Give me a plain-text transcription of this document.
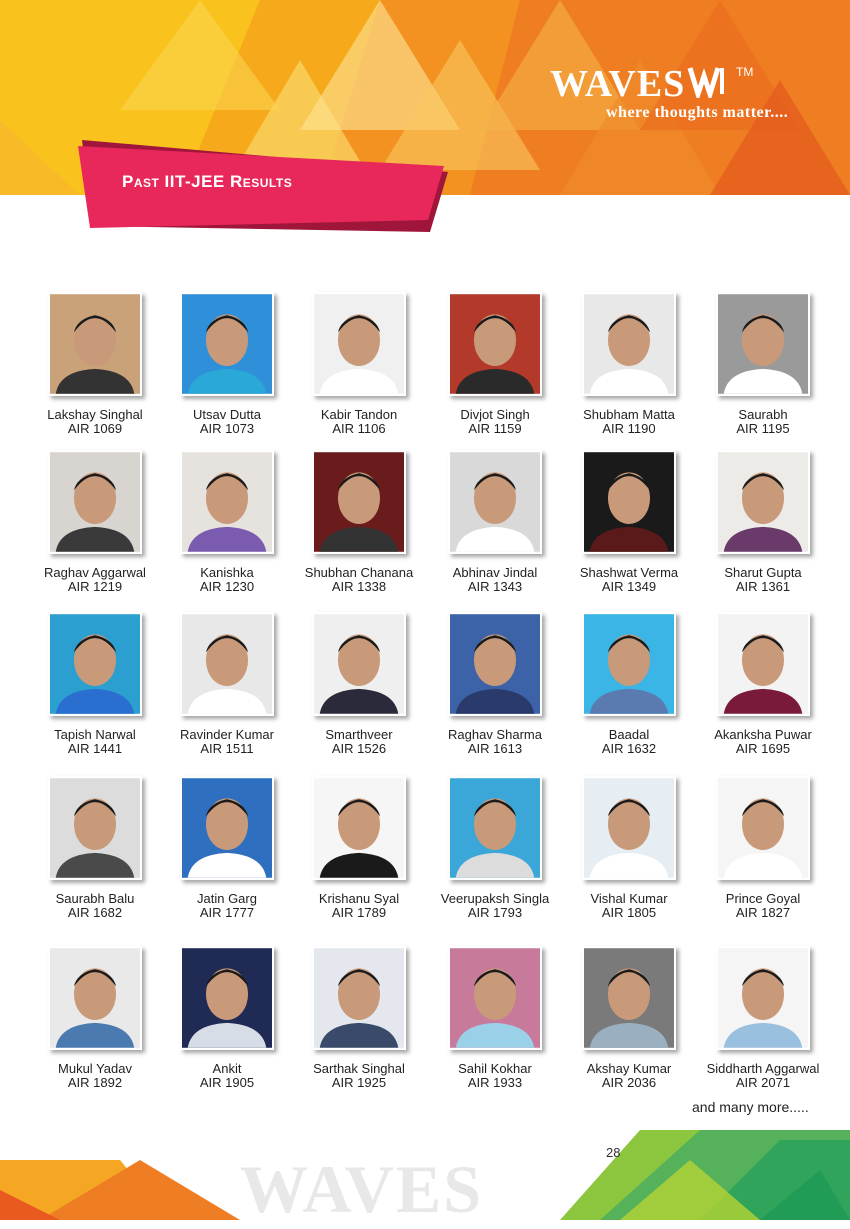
WAVES	TM
where thoughts matter....
Past IIT-JEE Results
Lakshay Singhal
AIR 1069
Utsav Dutta
AIR 1073
Kabir Tandon
AIR 1106
Divjot Singh
AIR 1159
Shubham Matta
AIR 1190
Saurabh
AIR 1195
Raghav Aggarwal
AIR 1219
Kanishka
AIR 1230
Shubhan Chanana
AIR 1338
Abhinav Jindal
AIR 1343
Shashwat Verma
AIR 1349
Sharut Gupta
AIR 1361
Tapish Narwal
AIR 1441
Ravinder Kumar
AIR 1511
Smarthveer
AIR 1526
Raghav Sharma
AIR 1613
Baadal
AIR 1632
Akanksha Puwar
AIR 1695
Saurabh Balu
AIR 1682
Jatin Garg
AIR 1777
Krishanu Syal
AIR 1789
Veerupaksh Singla
AIR 1793
Vishal Kumar
AIR 1805
Prince Goyal
AIR 1827
Mukul Yadav
AIR 1892
Ankit
AIR 1905
Sarthak Singhal
AIR 1925
Sahil Kokhar
AIR 1933
Akshay Kumar
AIR 2036
Siddharth Aggarwal
AIR 2071
and many more.....
WAVES	28
